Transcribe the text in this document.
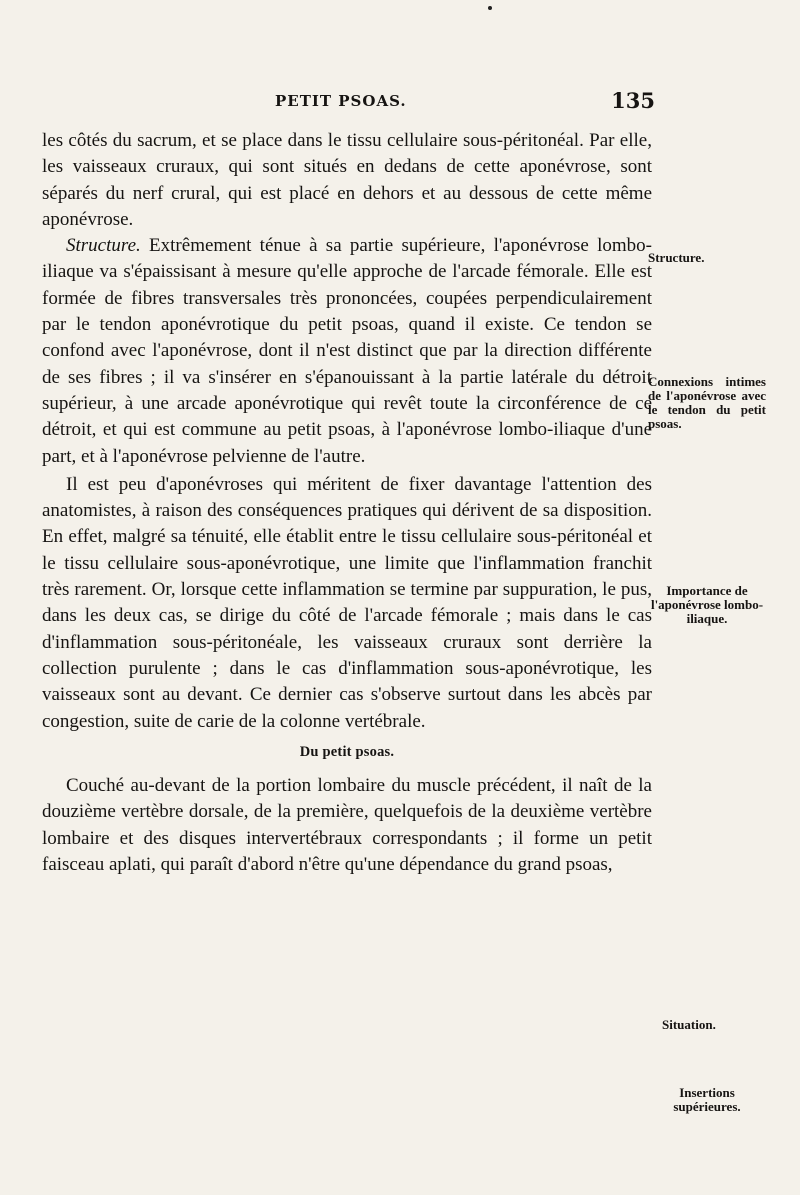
PETIT PSOAS.	135

les côtés du sacrum, et se place dans le tissu cellulaire sous-péritonéal. Par elle, les vaisseaux cruraux, qui sont situés en dedans de cette aponévrose, sont séparés du nerf crural, qui est placé en dehors et au dessous de cette même aponévrose.

Structure. Extrêmement ténue à sa partie supérieure, l'aponévrose lombo-iliaque va s'épaissisant à mesure qu'elle approche de l'arcade fémorale. Elle est formée de fibres transversales très prononcées, coupées perpendiculairement par le tendon aponévrotique du petit psoas, quand il existe. Ce tendon se confond avec l'aponévrose, dont il n'est distinct que par la direction différente de ses fibres ; il va s'insérer en s'épanouissant à la partie latérale du détroit supérieur, à une arcade aponévrotique qui revêt toute la circonférence de ce détroit, et qui est commune au petit psoas, à l'aponévrose lombo-iliaque d'une part, et à l'aponévrose pelvienne de l'autre.

Il est peu d'aponévroses qui méritent de fixer davantage l'attention des anatomistes, à raison des conséquences pratiques qui dérivent de sa disposition. En effet, malgré sa ténuité, elle établit entre le tissu cellulaire sous-péritonéal et le tissu cellulaire sous-aponévrotique, une limite que l'inflammation franchit très rarement. Or, lorsque cette inflammation se termine par suppuration, le pus, dans les deux cas, se dirige du côté de l'arcade fémorale ; mais dans le cas d'inflammation sous-péritonéale, les vaisseaux cruraux sont derrière la collection purulente ; dans le cas d'inflammation sous-aponévrotique, les vaisseaux sont au devant. Ce dernier cas s'observe surtout dans les abcès par congestion, suite de carie de la colonne vertébrale.

Du petit psoas.

Couché au-devant de la portion lombaire du muscle précédent, il naît de la douzième vertèbre dorsale, de la première, quelquefois de la deuxième vertèbre lombaire et des disques intervertébraux correspondants ; il forme un petit faisceau aplati, qui paraît d'abord n'être qu'une dépendance du grand psoas,

Structure.
Connexions intimes de l'aponévrose avec le tendon du petit psoas.
Importance de l'aponévrose lombo-iliaque.
Situation.
Insertions supérieures.
